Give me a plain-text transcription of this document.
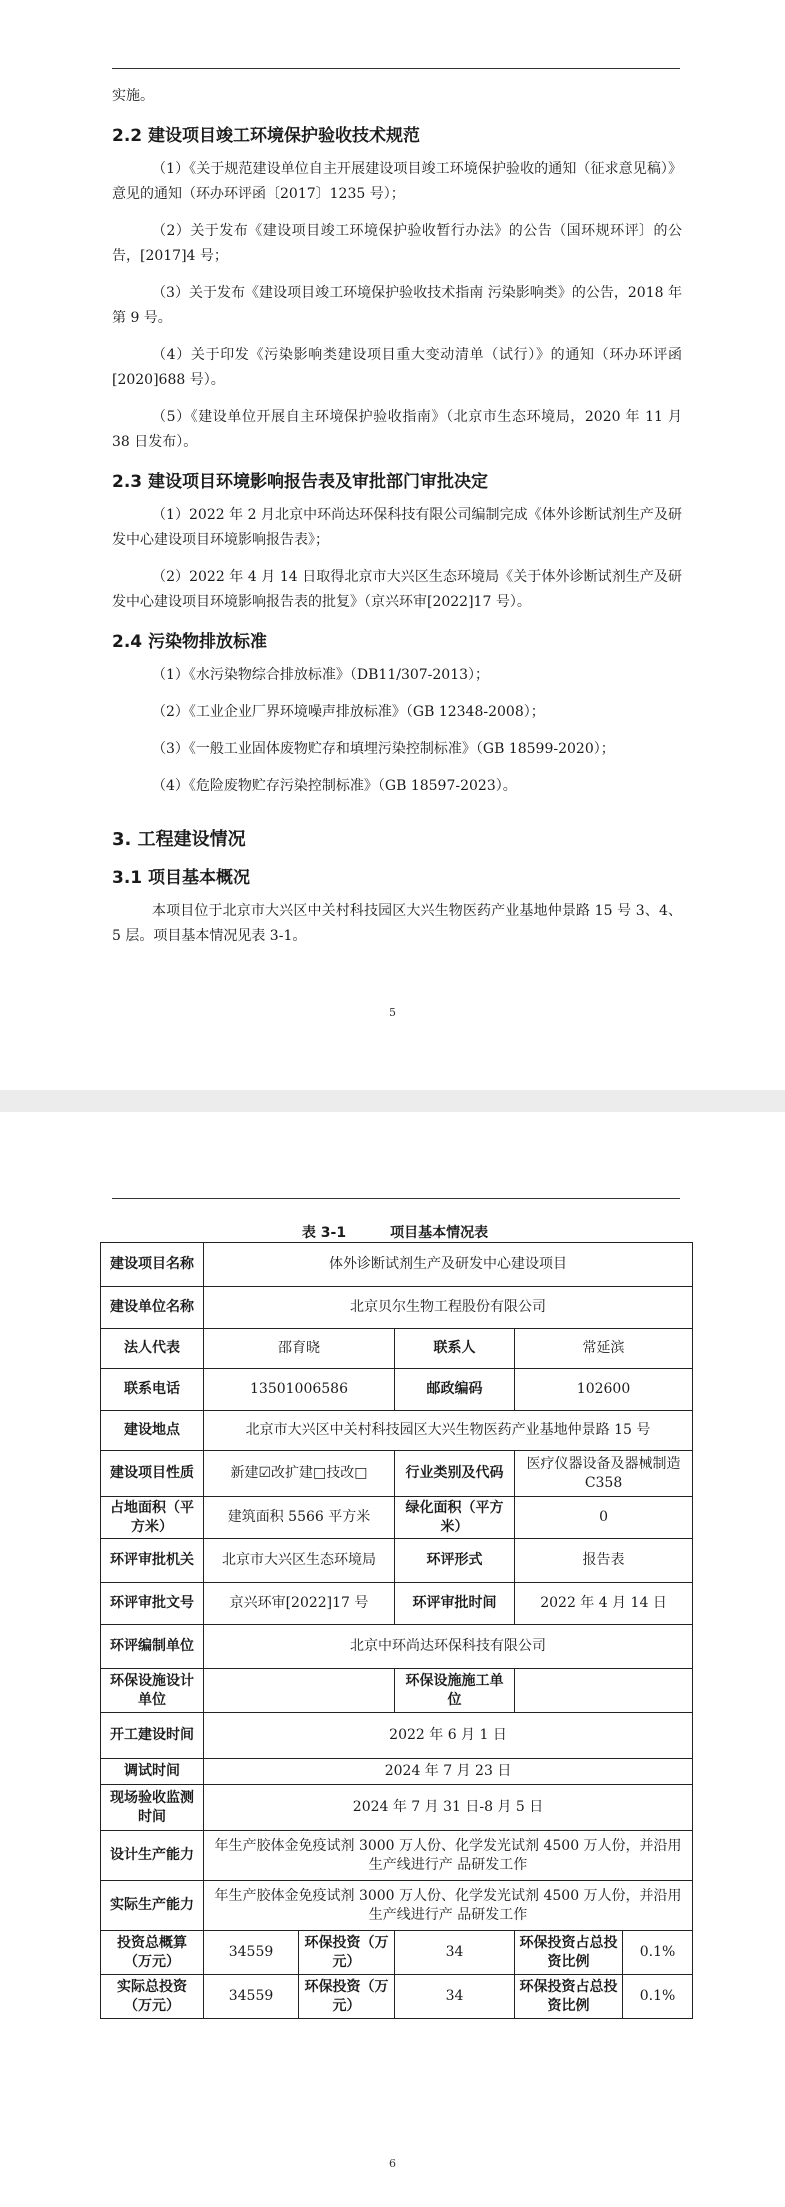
实施。

2.2 建设项目竣工环境保护验收技术规范

（1）《关于规范建设单位自主开展建设项目竣工环境保护验收的通知（征求意见稿）》意见的通知（环办环评函〔2017〕1235 号）；

（2）关于发布《建设项目竣工环境保护验收暂行办法》的公告（国环规环评〕的公告，[2017]4 号；

（3）关于发布《建设项目竣工环境保护验收技术指南 污染影响类》的公告，2018 年第 9 号。

（4）关于印发《污染影响类建设项目重大变动清单（试行）》的通知（环办环评函[2020]688 号）。

（5）《建设单位开展自主环境保护验收指南》（北京市生态环境局，2020 年 11 月 38 日发布）。

2.3 建设项目环境影响报告表及审批部门审批决定

（1）2022 年 2 月北京中环尚达环保科技有限公司编制完成《体外诊断试剂生产及研发中心建设项目环境影响报告表》；

（2）2022 年 4 月 14 日取得北京市大兴区生态环境局《关于体外诊断试剂生产及研发中心建设项目环境影响报告表的批复》（京兴环审[2022]17 号）。

2.4 污染物排放标准

（1）《水污染物综合排放标准》（DB11/307-2013）；

（2）《工业企业厂界环境噪声排放标准》（GB 12348-2008）；

（3）《一般工业固体废物贮存和填埋污染控制标准》（GB 18599-2020）；

（4）《危险废物贮存污染控制标准》（GB 18597-2023）。

3. 工程建设情况
3.1 项目基本概况

本项目位于北京市大兴区中关村科技园区大兴生物医药产业基地仲景路 15 号 3、4、5 层。项目基本情况见表 3-1。

5
表 3-1	项目基本情况表
建设项目名称	体外诊断试剂生产及研发中心建设项目				
建设单位名称	北京贝尔生物工程股份有限公司				
法人代表	邵育晓		联系人	常延滨	
联系电话	13501006586		邮政编码	102600	
建设地点	北京市大兴区中关村科技园区大兴生物医药产业基地仲景路 15 号				
建设项目性质	新建☑改扩建□技改□		行业类别及代码	医疗仪器设备及器械制造 C358	
占地面积（平方米）	建筑面积 5566 平方米		绿化面积（平方米）	0	
环评审批机关	北京市大兴区生态环境局		环评形式	报告表	
环评审批文号	京兴环审[2022]17 号		环评审批时间	2022 年 4 月 14 日	
环评编制单位	北京中环尚达环保科技有限公司				
环保设施设计单位			环保设施施工单位		
开工建设时间	2022 年 6 月 1 日				
调试时间	2024 年 7 月 23 日				
现场验收监测时间	2024 年 7 月 31 日-8 月 5 日				
设计生产能力	年生产胶体金免疫试剂 3000 万人份、化学发光试剂 4500 万人份，并沿用生产线进行产 品研发工作				
实际生产能力	年生产胶体金免疫试剂 3000 万人份、化学发光试剂 4500 万人份，并沿用生产线进行产 品研发工作				
投资总概算（万元）	34559	环保投资（万元）	34	环保投资占总投资比例	0.1%
实际总投资（万元）	34559	环保投资（万元）	34	环保投资占总投资比例	0.1%
6
